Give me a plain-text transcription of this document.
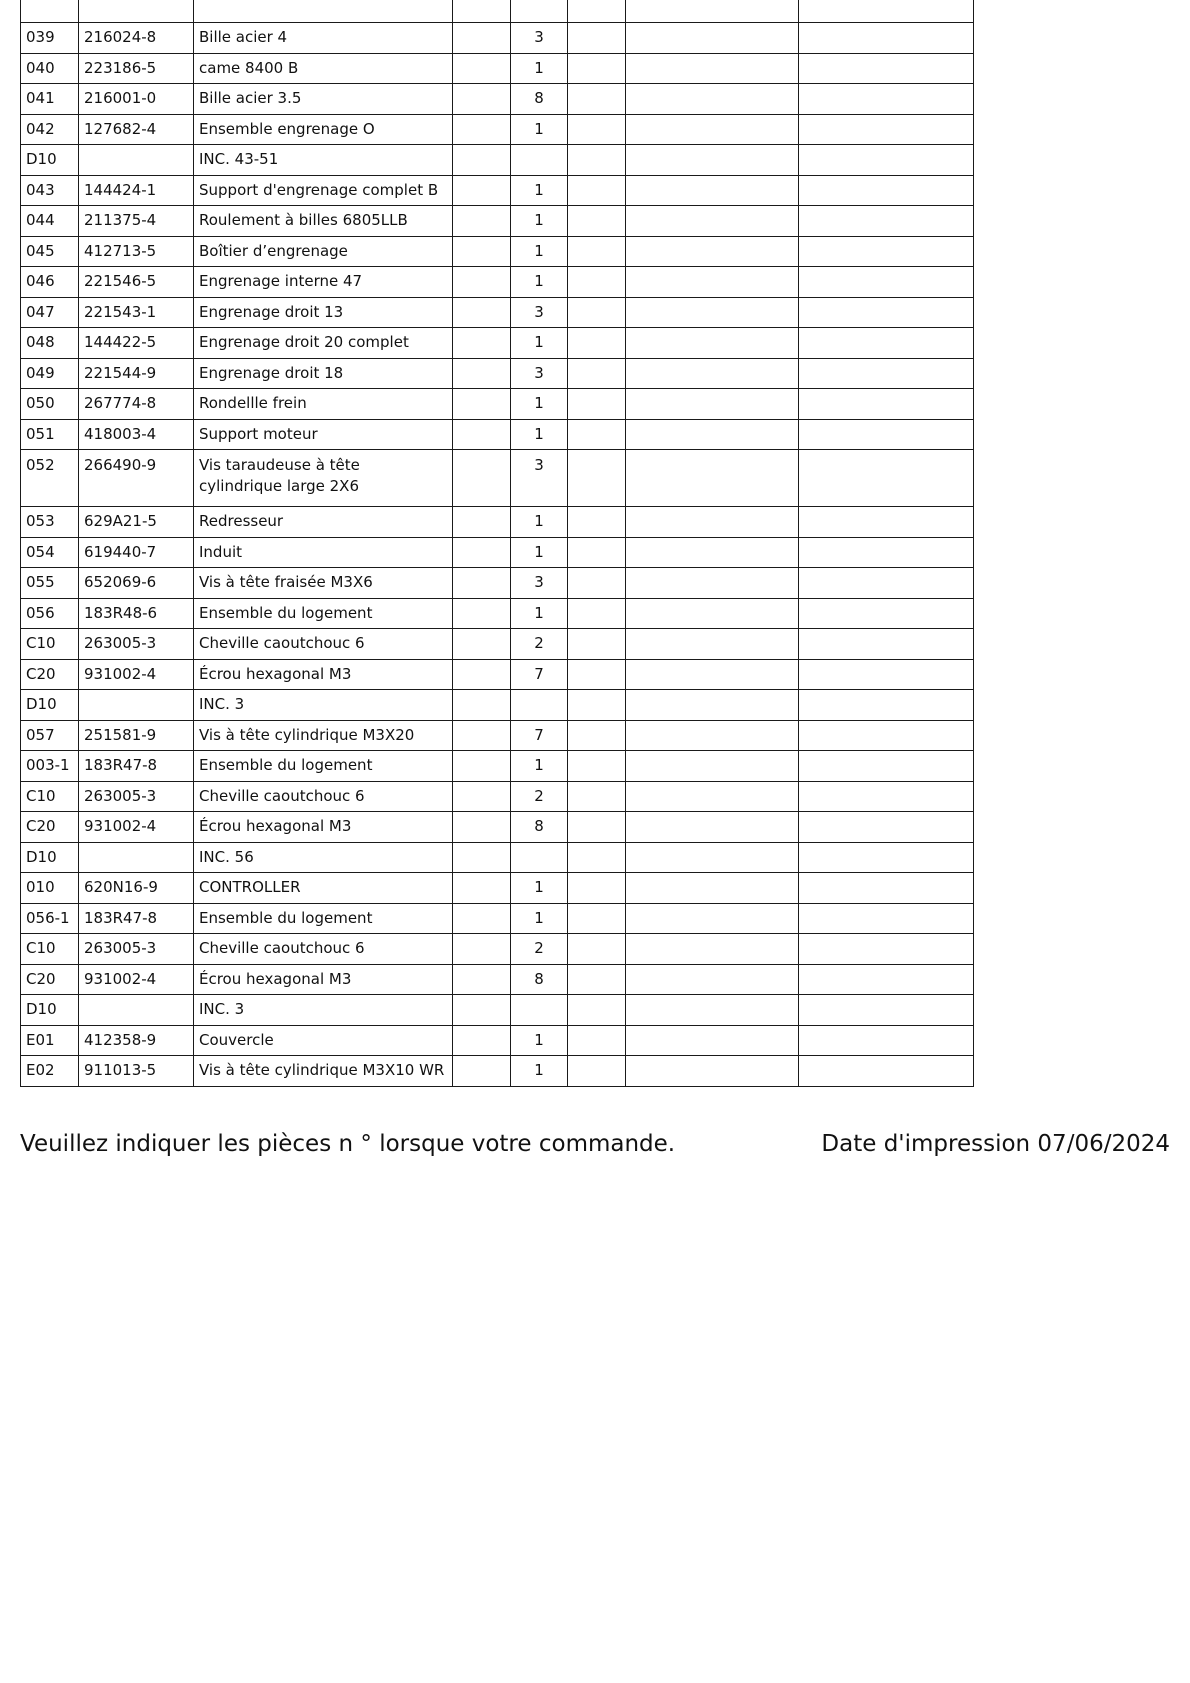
039	216024-8	Bille acier 4		3			
040	223186-5	came 8400 B		1			
041	216001-0	Bille acier 3.5		8			
042	127682-4	Ensemble engrenage O		1			
D10		INC. 43-51					
043	144424-1	Support d'engrenage complet B		1			
044	211375-4	Roulement à billes 6805LLB		1			
045	412713-5	Boîtier d’engrenage		1			
046	221546-5	Engrenage interne 47		1			
047	221543-1	Engrenage droit 13		3			
048	144422-5	Engrenage droit 20 complet		1			
049	221544-9	Engrenage droit 18		3			
050	267774-8	Rondellle frein		1			
051	418003-4	Support moteur		1			
052	266490-9	Vis taraudeuse à tête cylindrique large 2X6		3			
053	629A21-5	Redresseur		1			
054	619440-7	Induit		1			
055	652069-6	Vis à tête fraisée M3X6		3			
056	183R48-6	Ensemble du logement		1			
C10	263005-3	Cheville caoutchouc 6		2			
C20	931002-4	Écrou hexagonal M3		7			
D10		INC. 3					
057	251581-9	Vis à tête cylindrique M3X20		7			
003-1	183R47-8	Ensemble du logement		1			
C10	263005-3	Cheville caoutchouc 6		2			
C20	931002-4	Écrou hexagonal M3		8			
D10		INC. 56					
010	620N16-9	CONTROLLER		1			
056-1	183R47-8	Ensemble du logement		1			
C10	263005-3	Cheville caoutchouc 6		2			
C20	931002-4	Écrou hexagonal M3		8			
D10		INC. 3					
E01	412358-9	Couvercle		1			
E02	911013-5	Vis à tête cylindrique M3X10 WR		1			
Veuillez indiquer les pièces n ° lorsque votre commande.	Date d'impression 07/06/2024
